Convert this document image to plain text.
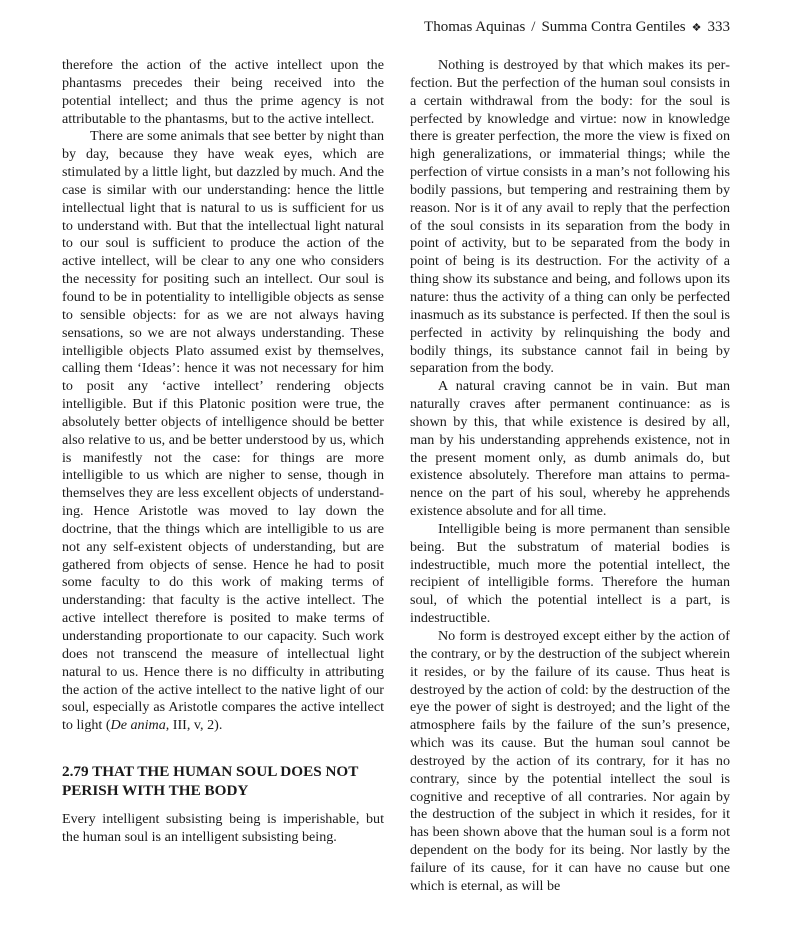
Thomas Aquinas / Summa Contra Gentiles ❖ 333

therefore the action of the active intellect upon the phantasms precedes their being received into the potential intellect; and thus the prime agency is not attributable to the phantasms, but to the active intellect.

There are some animals that see better by night than by day, because they have weak eyes, which are stimulated by a little light, but dazzled by much. And the case is similar with our understanding: hence the little intellectual light that is natural to us is sufficient for us to understand with. But that the intellectual light natural to our soul is sufficient to produce the action of the active intellect, will be clear to any one who considers the necessity for positing such an intellect. Our soul is found to be in potentiality to intelligible objects as sense to sensible objects: for as we are not always having sensations, so we are not always understanding. These intelligible objects Plato assumed exist by themselves, calling them ‘Ideas’: hence it was not necessary for him to posit any ‘active intellect’ rendering objects intelligible. But if this Platonic position were true, the absolutely better objects of intelligence should be better also relative to us, and be better understood by us, which is manifestly not the case: for things are more intelligible to us which are nigher to sense, though in themselves they are less excellent objects of understanding. Hence Aristotle was moved to lay down the doctrine, that the things which are intelligible to us are not any self-existent objects of understanding, but are gathered from objects of sense. Hence he had to posit some faculty to do this work of making terms of understanding: that faculty is the active intellect. The active intellect therefore is posited to make terms of understanding proportionate to our capacity. Such work does not transcend the measure of intellectual light natural to us. Hence there is no difficulty in attributing the action of the active intellect to the native light of our soul, especially as Aristotle compares the active intellect to light (De anima, III, v, 2).

2.79 THAT THE HUMAN SOUL DOES NOT PERISH WITH THE BODY

Every intelligent subsisting being is imperishable, but the human soul is an intelligent subsisting being.

Nothing is destroyed by that which makes its perfection. But the perfection of the human soul consists in a certain withdrawal from the body: for the soul is perfected by knowledge and virtue: now in knowledge there is greater perfection, the more the view is fixed on high generalizations, or immaterial things; while the perfection of virtue consists in a man’s not following his bodily passions, but tempering and restraining them by reason. Nor is it of any avail to reply that the perfection of the soul consists in its separation from the body in point of activity, but to be separated from the body in point of being is its destruction. For the activity of a thing show its substance and being, and follows upon its nature: thus the activity of a thing can only be perfected inasmuch as its substance is perfected. If then the soul is perfected in activity by relinquishing the body and bodily things, its substance cannot fail in being by separation from the body.

A natural craving cannot be in vain. But man naturally craves after permanent continuance: as is shown by this, that while existence is desired by all, man by his understanding apprehends existence, not in the present moment only, as dumb animals do, but existence absolutely. Therefore man attains to permanence on the part of his soul, whereby he apprehends existence absolute and for all time.

Intelligible being is more permanent than sensible being. But the substratum of material bodies is indestructible, much more the potential intellect, the recipient of intelligible forms. Therefore the human soul, of which the potential intellect is a part, is indestructible.

No form is destroyed except either by the action of the contrary, or by the destruction of the subject wherein it resides, or by the failure of its cause. Thus heat is destroyed by the action of cold: by the destruction of the eye the power of sight is destroyed; and the light of the atmosphere fails by the failure of the sun’s presence, which was its cause. But the human soul cannot be destroyed by the action of its contrary, for it has no contrary, since by the potential intellect the soul is cognitive and receptive of all contraries. Nor again by the destruction of the subject in which it resides, for it has been shown above that the human soul is a form not dependent on the body for its being. Nor lastly by the failure of its cause, for it can have no cause but one which is eternal, as will be
